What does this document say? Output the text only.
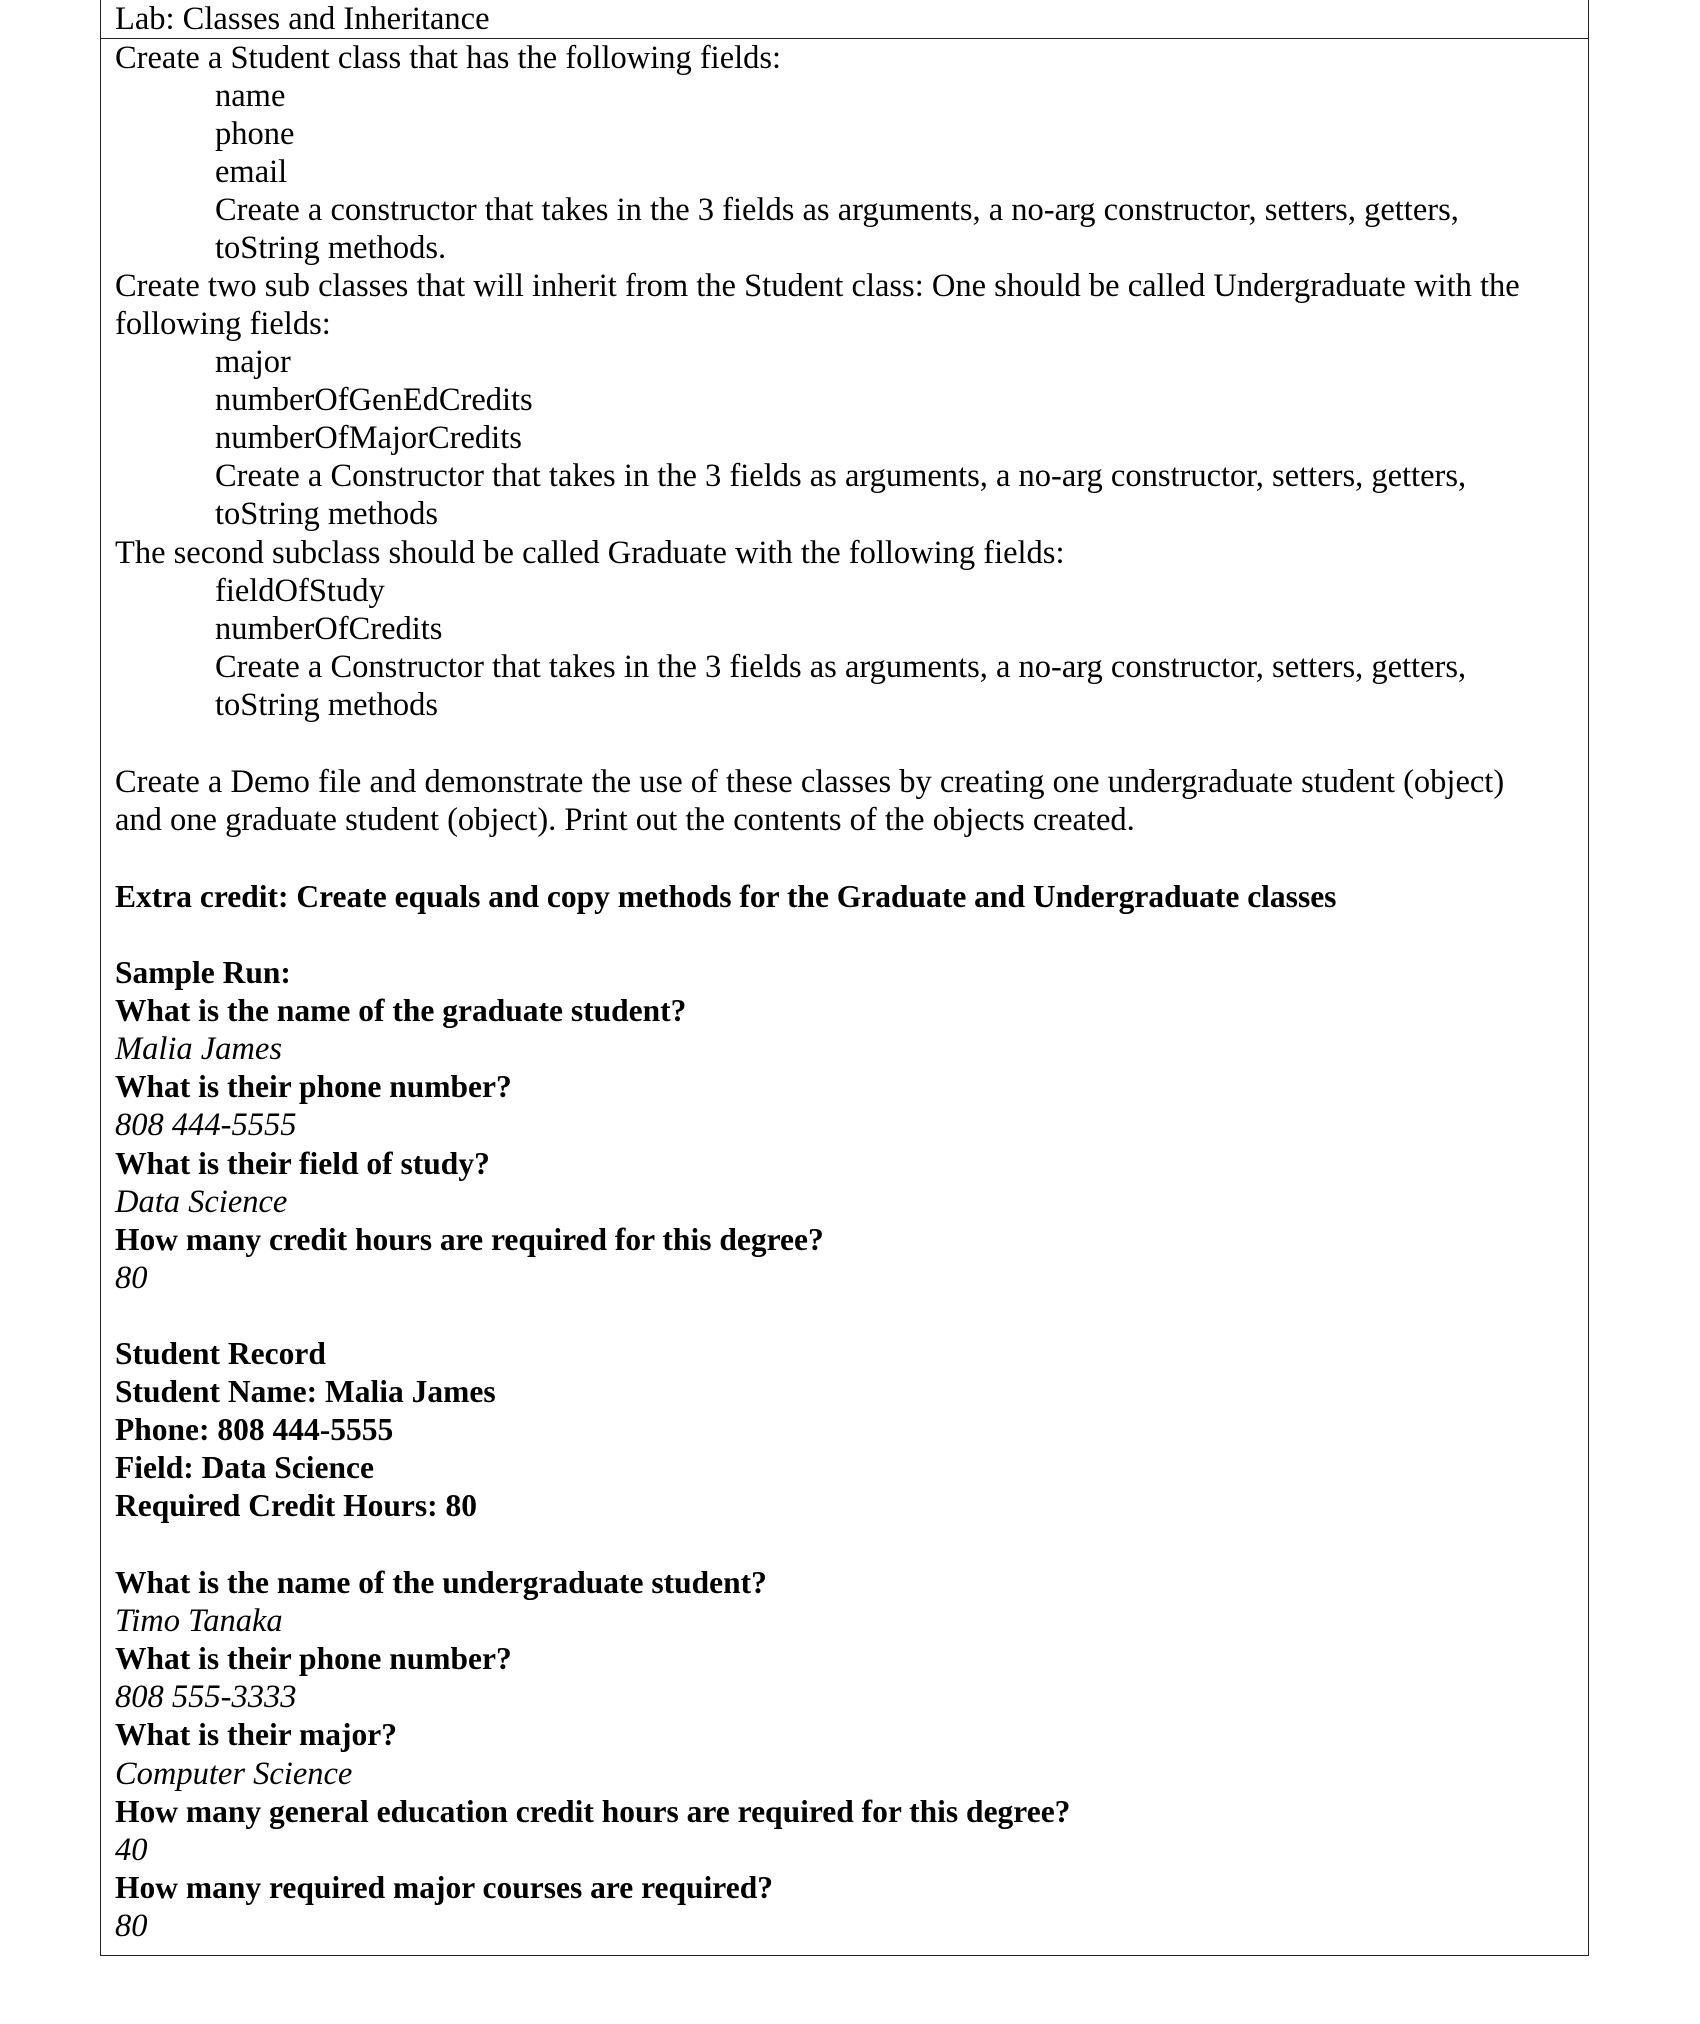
Lab: Classes and Inheritance
Create a Student class that has the following fields:
name
phone
email
Create a constructor that takes in the 3 fields as arguments, a no-arg constructor, setters, getters,
toString methods.
Create two sub classes that will inherit from the Student class: One should be called Undergraduate with the
following fields:
major
numberOfGenEdCredits
numberOfMajorCredits
Create a Constructor that takes in the 3 fields as arguments, a no-arg constructor, setters, getters,
toString methods
The second subclass should be called Graduate with the following fields:
fieldOfStudy
numberOfCredits
Create a Constructor that takes in the 3 fields as arguments, a no-arg constructor, setters, getters,
toString methods
Create a Demo file and demonstrate the use of these classes by creating one undergraduate student (object)
and one graduate student (object). Print out the contents of the objects created.
Extra credit: Create equals and copy methods for the Graduate and Undergraduate classes
Sample Run:
What is the name of the graduate student?
Malia James
What is their phone number?
808 444-5555
What is their field of study?
Data Science
How many credit hours are required for this degree?
80
Student Record
Student Name: Malia James
Phone: 808 444-5555
Field: Data Science
Required Credit Hours: 80
What is the name of the undergraduate student?
Timo Tanaka
What is their phone number?
808 555-3333
What is their major?
Computer Science
How many general education credit hours are required for this degree?
40
How many required major courses are required?
80
